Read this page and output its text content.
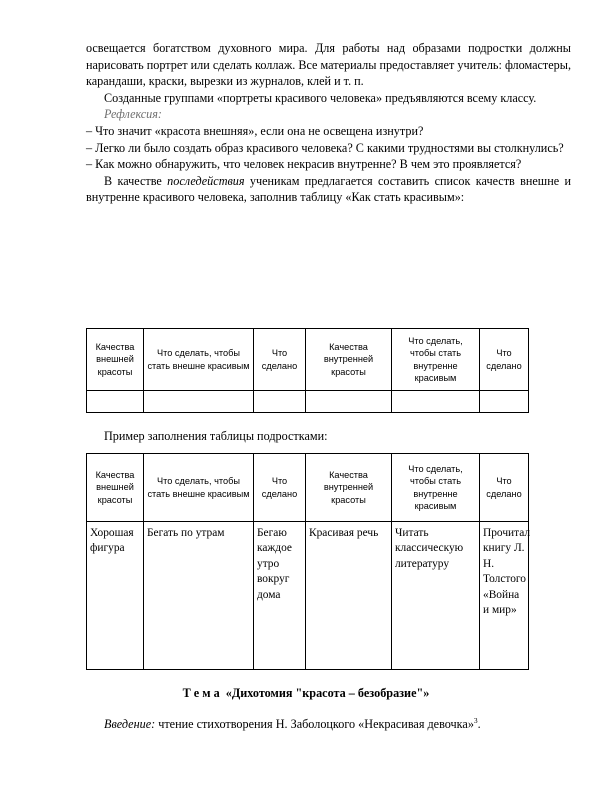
освещается богатством духовного мира. Для работы над образами подростки должны нарисовать портрет или сделать коллаж. Все материалы предоставляет учитель: фломастеры, карандаши, краски, вырезки из журналов, клей и т. п.

Созданные группами «портреты красивого человека» предъявляются всему классу.

Рефлексия:

– Что значит «красота внешняя», если она не освещена изнутри?

– Легко ли было создать образ красивого человека? С какими трудностями вы столкнулись?

– Как можно обнаружить, что человек некрасив внутренне? В чем это проявляется?

В качестве последействия ученикам предлагается составить список качеств внешне и внутренне красивого человека, заполнив таблицу «Как стать красивым»:

Качества внешней красоты	Что сделать, чтобы стать внешне красивым	Что сделано	Качества внутренней красоты	Что сделать, чтобы стать внутренне красивым	Что сделано

Пример заполнения таблицы подростками:
Качества внешней красоты	Что сделать, чтобы стать внешне красивым	Что сделано	Качества внутренней красоты	Что сделать, чтобы стать внутренне красивым	Что сделано
Хорошая фигура	Бегать по утрам	Бегаю каждое утро вокруг дома	Красивая речь	Читать классическую литературу	Прочитал книгу Л. Н. Толстого «Война и мир»
Т е м а «Дихотомия "красота – безобразие"»
Введение: чтение стихотворения Н. Заболоцкого «Некрасивая девочка»$^3$.
